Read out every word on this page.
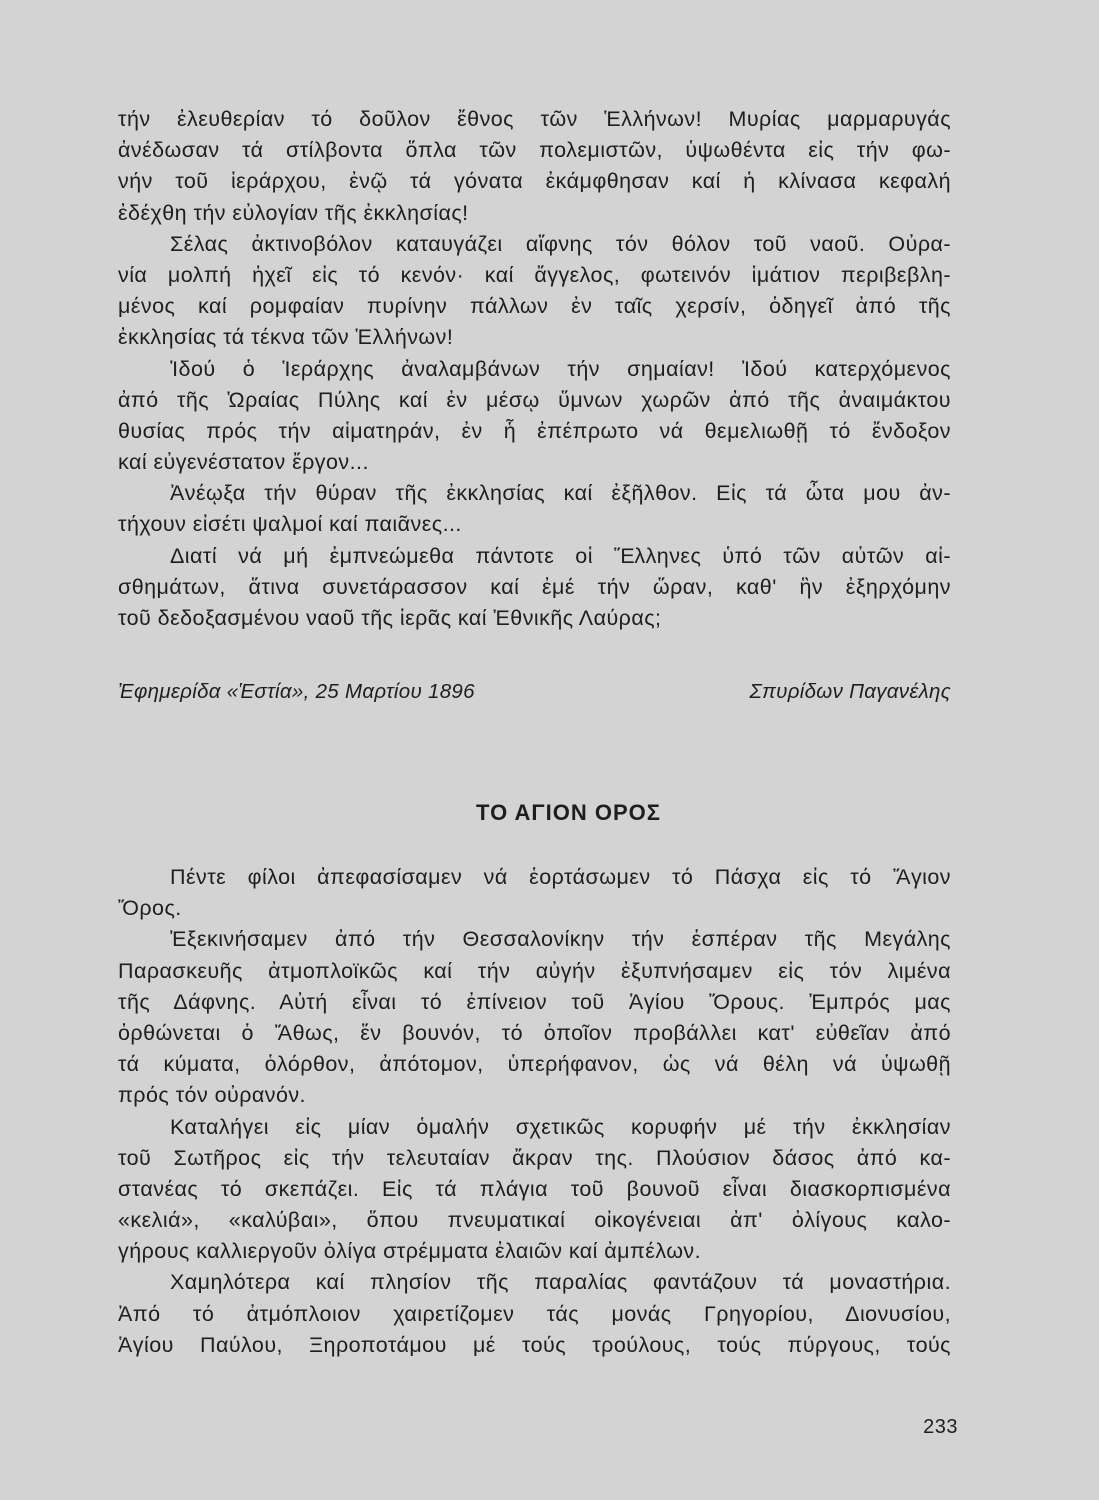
τήν ἐλευθερίαν τό δοῦλον ἔθνος τῶν Ἑλλήνων! Μυρίας μαρμαρυγάς
ἀνέδωσαν τά στίλβοντα ὅπλα τῶν πολεμιστῶν, ὑψωθέντα εἰς τήν φω-
νήν τοῦ ἱεράρχου, ἐνῷ τά γόνατα ἐκάμφθησαν καί ἡ κλίνασα κεφαλή
ἐδέχθη τήν εὐλογίαν τῆς ἐκκλησίας!
Σέλας ἀκτινοβόλον καταυγάζει αἴφνης τόν θόλον τοῦ ναοῦ. Οὐρα-
νία μολπή ἠχεῖ εἰς τό κενόν· καί ἄγγελος, φωτεινόν ἱμάτιον περιβεβλη-
μένος καί ρομφαίαν πυρίνην πάλλων ἐν ταῖς χερσίν, ὁδηγεῖ ἀπό τῆς
ἐκκλησίας τά τέκνα τῶν Ἑλλήνων!
Ἰδού ὁ Ἱεράρχης ἀναλαμβάνων τήν σημαίαν! Ἰδού κατερχόμενος
ἀπό τῆς Ὡραίας Πύλης καί ἐν μέσῳ ὕμνων χωρῶν ἀπό τῆς ἀναιμάκτου
θυσίας πρός τήν αἱματηράν, ἐν ἧ ἐπέπρωτο νά θεμελιωθῇ τό ἔνδοξον
καί εὐγενέστατον ἔργον...
Ἀνέῳξα τήν θύραν τῆς ἐκκλησίας καί ἐξῆλθον. Εἰς τά ὦτα μου ἀν-
τήχουν εἰσέτι ψαλμοί καί παιᾶνες...
Διατί νά μή ἐμπνεώμεθα πάντοτε οἱ Ἕλληνες ὑπό τῶν αὐτῶν αἰ-
σθημάτων, ἅτινα συνετάρασσον καί ἐμέ τήν ὥραν, καθ' ἣν ἐξηρχόμην
τοῦ δεδοξασμένου ναοῦ τῆς ἱερᾶς καί Ἐθνικῆς Λαύρας;
Ἐφημερίδα «Ἑστία», 25 Μαρτίου 1896	Σπυρίδων Παγανέλης
ΤΟ ΑΓΙΟΝ ΟΡΟΣ
Πέντε φίλοι ἀπεφασίσαμεν νά ἑορτάσωμεν τό Πάσχα εἰς τό Ἅγιον
Ὄρος.
Ἐξεκινήσαμεν ἀπό τήν Θεσσαλονίκην τήν ἑσπέραν τῆς Μεγάλης
Παρασκευῆς ἀτμοπλοϊκῶς καί τήν αὐγήν ἐξυπνήσαμεν εἰς τόν λιμένα
τῆς Δάφνης. Αὐτή εἶναι τό ἐπίνειον τοῦ Ἁγίου Ὄρους. Ἐμπρός μας
ὀρθώνεται ὁ Ἄθως, ἕν βουνόν, τό ὁποῖον προβάλλει κατ' εὐθεῖαν ἀπό
τά κύματα, ὁλόρθον, ἀπότομον, ὑπερήφανον, ὡς νά θέλη νά ὑψωθῇ
πρός τόν οὐρανόν.
Καταλήγει εἰς μίαν ὁμαλήν σχετικῶς κορυφήν μέ τήν ἐκκλησίαν
τοῦ Σωτῆρος εἰς τήν τελευταίαν ἄκραν της. Πλούσιον δάσος ἀπό κα-
στανέας τό σκεπάζει. Εἰς τά πλάγια τοῦ βουνοῦ εἶναι διασκορπισμένα
«κελιά», «καλύβαι», ὅπου πνευματικαί οἰκογένειαι ἀπ' ὀλίγους καλο-
γήρους καλλιεργοῦν ὀλίγα στρέμματα ἐλαιῶν καί ἀμπέλων.
Χαμηλότερα καί πλησίον τῆς παραλίας φαντάζουν τά μοναστήρια.
Ἀπό τό ἀτμόπλοιον χαιρετίζομεν τάς μονάς Γρηγορίου, Διονυσίου,
Ἁγίου Παύλου, Ξηροποτάμου μέ τούς τρούλους, τούς πύργους, τούς
233
